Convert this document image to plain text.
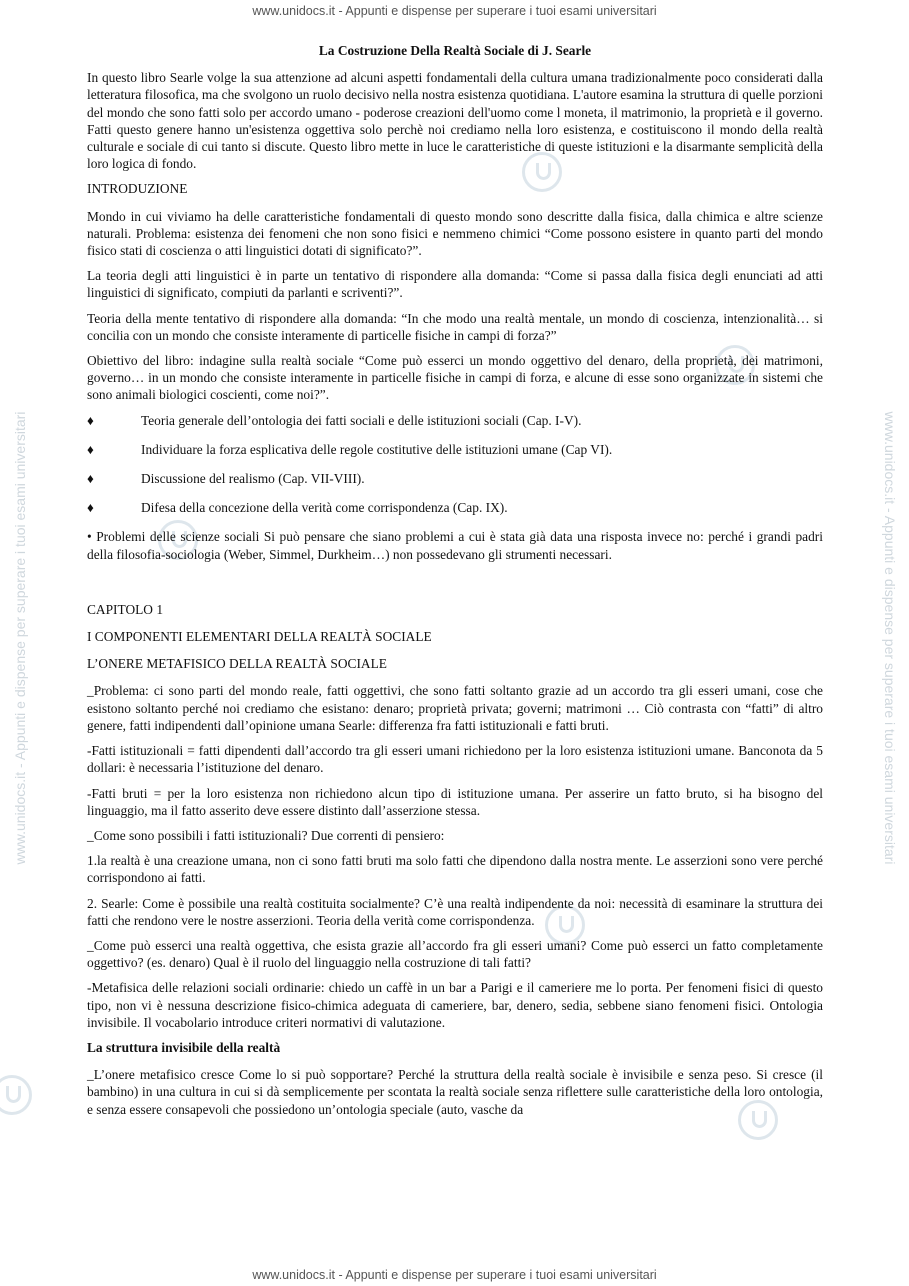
www.unidocs.it - Appunti e dispense per superare i tuoi esami universitari
www.unidocs.it - Appunti e dispense per superare i tuoi esami universitari	www.unidocs.it - Appunti e dispense per superare i tuoi esami universitari
La Costruzione Della Realtà Sociale di J. Searle

In questo libro Searle volge la sua attenzione ad alcuni aspetti fondamentali della cultura umana tradizionalmente poco considerati dalla letteratura filosofica, ma che svolgono un ruolo decisivo nella nostra esistenza quotidiana. L'autore esamina la struttura di quelle porzioni del mondo che sono fatti solo per accordo umano - poderose creazioni dell'uomo come l moneta, il matrimonio, la proprietà e il governo. Fatti questo genere hanno un'esistenza oggettiva solo perchè noi crediamo nella loro esistenza, e costituiscono il mondo della realtà culturale e sociale di cui tanto si discute. Questo libro mette in luce le caratteristiche di queste istituzioni e la disarmante semplicità della loro logica di fondo.

INTRODUZIONE

Mondo in cui viviamo ha delle caratteristiche fondamentali di questo mondo sono descritte dalla fisica, dalla chimica e altre scienze naturali. Problema: esistenza dei fenomeni che non sono fisici e nemmeno chimici “Come possono esistere in quanto parti del mondo fisico stati di coscienza o atti linguistici dotati di significato?”.

La teoria degli atti linguistici è in parte un tentativo di rispondere alla domanda: “Come si passa dalla fisica degli enunciati ad atti linguistici di significato, compiuti da parlanti e scriventi?”.

Teoria della mente tentativo di rispondere alla domanda: “In che modo una realtà mentale, un mondo di coscienza, intenzionalità… si concilia con un mondo che consiste interamente di particelle fisiche in campi di forza?”

Obiettivo del libro: indagine sulla realtà sociale “Come può esserci un mondo oggettivo del denaro, della proprietà, dei matrimoni, governo… in un mondo che consiste interamente in particelle fisiche in campi di forza, e alcune di esse sono organizzate in sistemi che sono animali biologici coscienti, come noi?”.

♦	Teoria generale dell’ontologia dei fatti sociali e delle istituzioni sociali (Cap. I-V).
♦	Individuare la forza esplicativa delle regole costitutive delle istituzioni umane (Cap VI).
♦	Discussione del realismo (Cap. VII-VIII).
♦	Difesa della concezione della verità come corrispondenza (Cap. IX).

• Problemi delle scienze sociali Si può pensare che siano problemi a cui è stata già data una risposta invece no: perché i grandi padri della filosofia-sociologia (Weber, Simmel, Durkheim…) non possedevano gli strumenti necessari.

CAPITOLO 1
I COMPONENTI ELEMENTARI DELLA REALTÀ SOCIALE
L’ONERE METAFISICO DELLA REALTÀ SOCIALE

_Problema: ci sono parti del mondo reale, fatti oggettivi, che sono fatti soltanto grazie ad un accordo tra gli esseri umani, cose che esistono soltanto perché noi crediamo che esistano: denaro; proprietà privata; governi; matrimoni … Ciò contrasta con “fatti” di altro genere, fatti indipendenti dall’opinione umana Searle: differenza fra fatti istituzionali e fatti bruti.

-Fatti istituzionali = fatti dipendenti dall’accordo tra gli esseri umani richiedono per la loro esistenza istituzioni umane. Banconota da 5 dollari: è necessaria l’istituzione del denaro.

-Fatti bruti = per la loro esistenza non richiedono alcun tipo di istituzione umana. Per asserire un fatto bruto, si ha bisogno del linguaggio, ma il fatto asserito deve essere distinto dall’asserzione stessa.

_Come sono possibili i fatti istituzionali? Due correnti di pensiero:

1.la realtà è una creazione umana, non ci sono fatti bruti ma solo fatti che dipendono dalla nostra mente. Le asserzioni sono vere perché corrispondono ai fatti.

2. Searle: Come è possibile una realtà costituita socialmente? C’è una realtà indipendente da noi: necessità di esaminare la struttura dei fatti che rendono vere le nostre asserzioni. Teoria della verità come corrispondenza.

_Come può esserci una realtà oggettiva, che esista grazie all’accordo fra gli esseri umani? Come può esserci un fatto completamente oggettivo? (es. denaro) Qual è il ruolo del linguaggio nella costruzione di tali fatti?

-Metafisica delle relazioni sociali ordinarie: chiedo un caffè in un bar a Parigi e il cameriere me lo porta. Per fenomeni fisici di questo tipo, non vi è nessuna descrizione fisico-chimica adeguata di cameriere, bar, denero, sedia, sebbene siano fenomeni fisici. Ontologia invisibile. Il vocabolario introduce criteri normativi di valutazione.

La struttura invisibile della realtà

_L’onere metafisico cresce Come lo si può sopportare? Perché la struttura della realtà sociale è invisibile e senza peso. Si cresce (il bambino) in una cultura in cui si dà semplicemente per scontata la realtà sociale senza riflettere sulle caratteristiche della loro ontologia, e senza essere consapevoli che possiedono un’ontologia speciale (auto, vasche da

www.unidocs.it - Appunti e dispense per superare i tuoi esami universitari
